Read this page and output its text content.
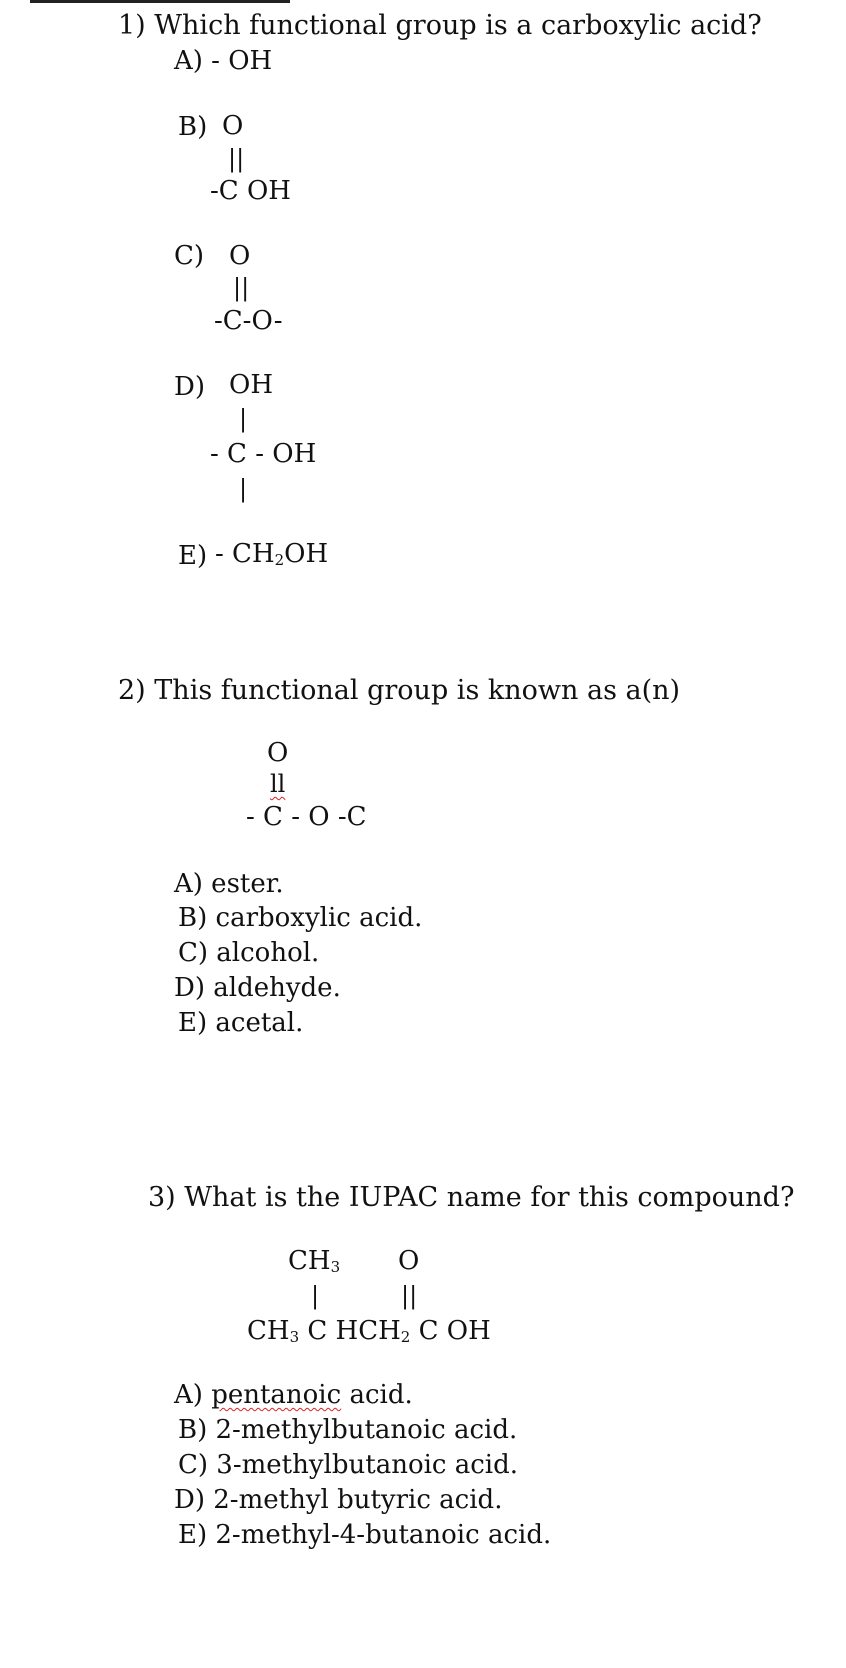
1) Which functional group is a carboxylic acid?
A) - OH
B) O
||
-C OH
C) O
||
-C-O-
D) OH
|
- C - OH
|
$E) - CH_2OH$
2) This functional group is known as a(n)
O
ll
- C - O -C
A) ester.
B) carboxylic acid.
C) alcohol.
D) aldehyde.
E) acetal.
3) What is the IUPAC name for this compound?
$CH_3$ O
|	||
$CH_3$ C $HCH_2$ C OH
A) pentanoic acid.
B) 2-methylbutanoic acid.
C) 3-methylbutanoic acid.
D) 2-methyl butyric acid.
E) 2-methyl-4-butanoic acid.
